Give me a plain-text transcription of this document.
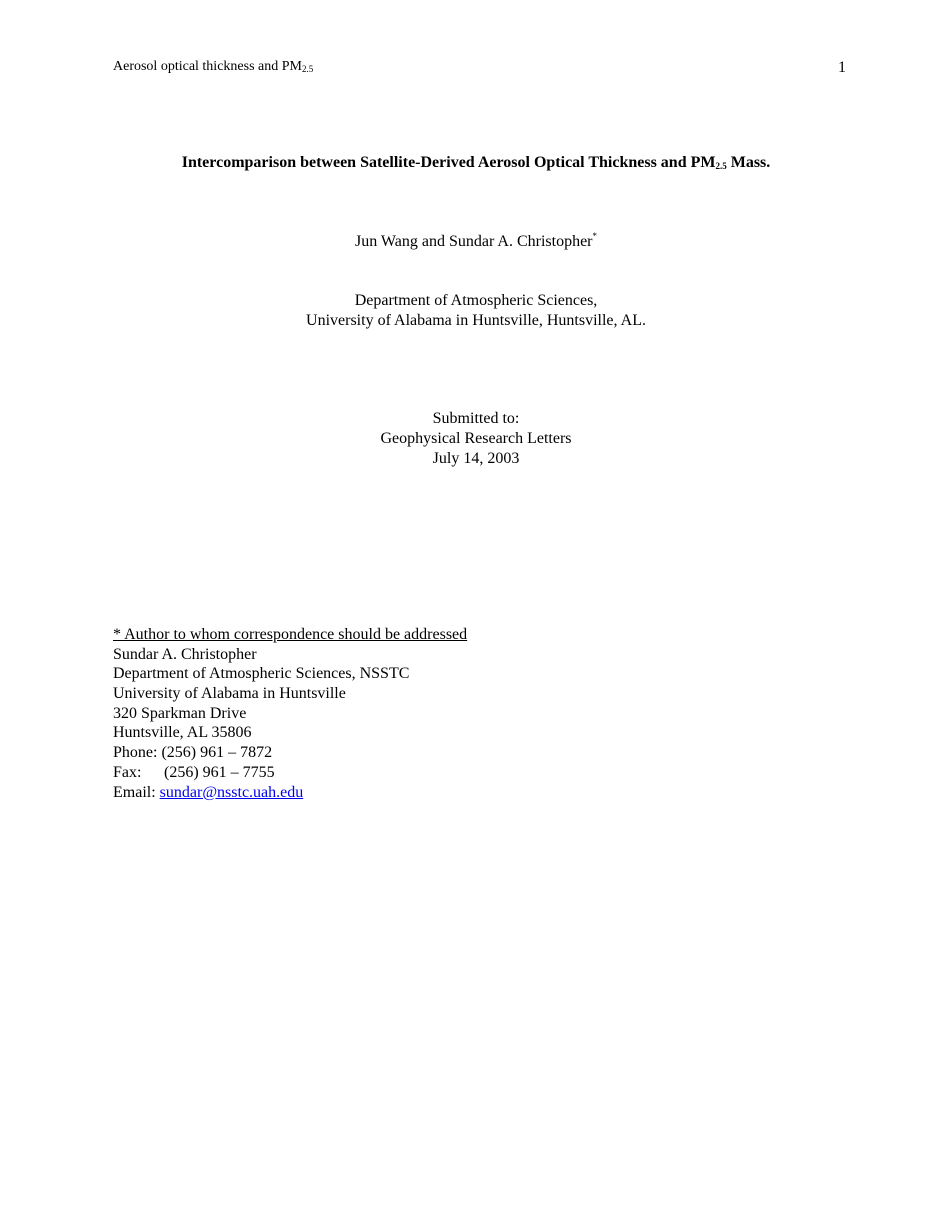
Aerosol optical thickness and $PM_{2.5}$	1
Intercomparison between Satellite-Derived Aerosol Optical Thickness and $PM_{2.5}$ Mass.
Jun Wang and Sundar A. Christopher*
Department of Atmospheric Sciences,
University of Alabama in Huntsville, Huntsville, AL.
Submitted to:
Geophysical Research Letters
July 14, 2003
* Author to whom correspondence should be addressed
Sundar A. Christopher
Department of Atmospheric Sciences, NSSTC
University of Alabama in Huntsville
320 Sparkman Drive
Huntsville, AL 35806
Phone: (256) 961 – 7872
Fax: (256) 961 – 7755
Email: sundar@nsstc.uah.edu
